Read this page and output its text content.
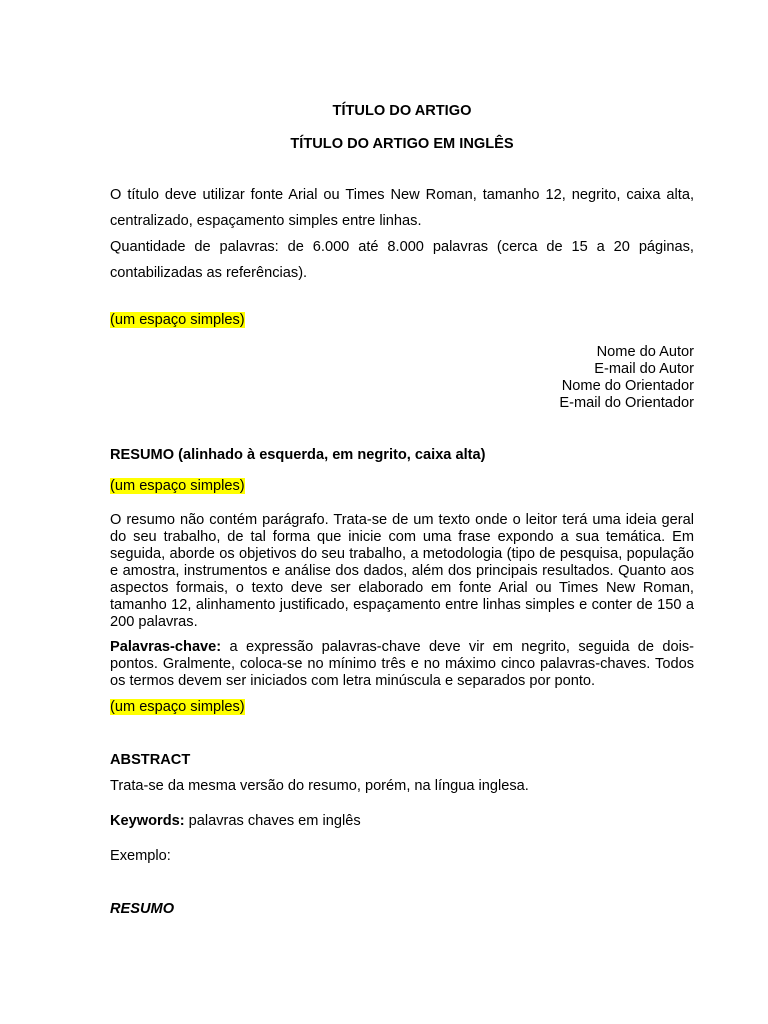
TÍTULO DO ARTIGO
TÍTULO DO ARTIGO EM INGLÊS
O título deve utilizar fonte Arial ou Times New Roman, tamanho 12, negrito, caixa alta, centralizado, espaçamento simples entre linhas.
Quantidade de palavras: de 6.000 até 8.000 palavras (cerca de 15 a 20 páginas, contabilizadas as referências).
(um espaço simples)
Nome do Autor
E-mail do Autor
Nome do Orientador
E-mail do Orientador
RESUMO (alinhado à esquerda, em negrito, caixa alta)
(um espaço simples)
O resumo não contém parágrafo. Trata-se de um texto onde o leitor terá uma ideia geral do seu trabalho, de tal forma que inicie com uma frase expondo a sua temática. Em seguida, aborde os objetivos do seu trabalho, a metodologia (tipo de pesquisa, população e amostra, instrumentos e análise dos dados, além dos principais resultados. Quanto aos aspectos formais, o texto deve ser elaborado em fonte Arial ou Times New Roman, tamanho 12, alinhamento justificado, espaçamento entre linhas simples e conter de 150 a 200 palavras.
Palavras-chave: a expressão palavras-chave deve vir em negrito, seguida de dois-pontos. Gralmente, coloca-se no mínimo três e no máximo cinco palavras-chaves. Todos os termos devem ser iniciados com letra minúscula e separados por ponto.
(um espaço simples)
ABSTRACT
Trata-se da mesma versão do resumo, porém, na língua inglesa.
Keywords: palavras chaves em inglês
Exemplo:
RESUMO
